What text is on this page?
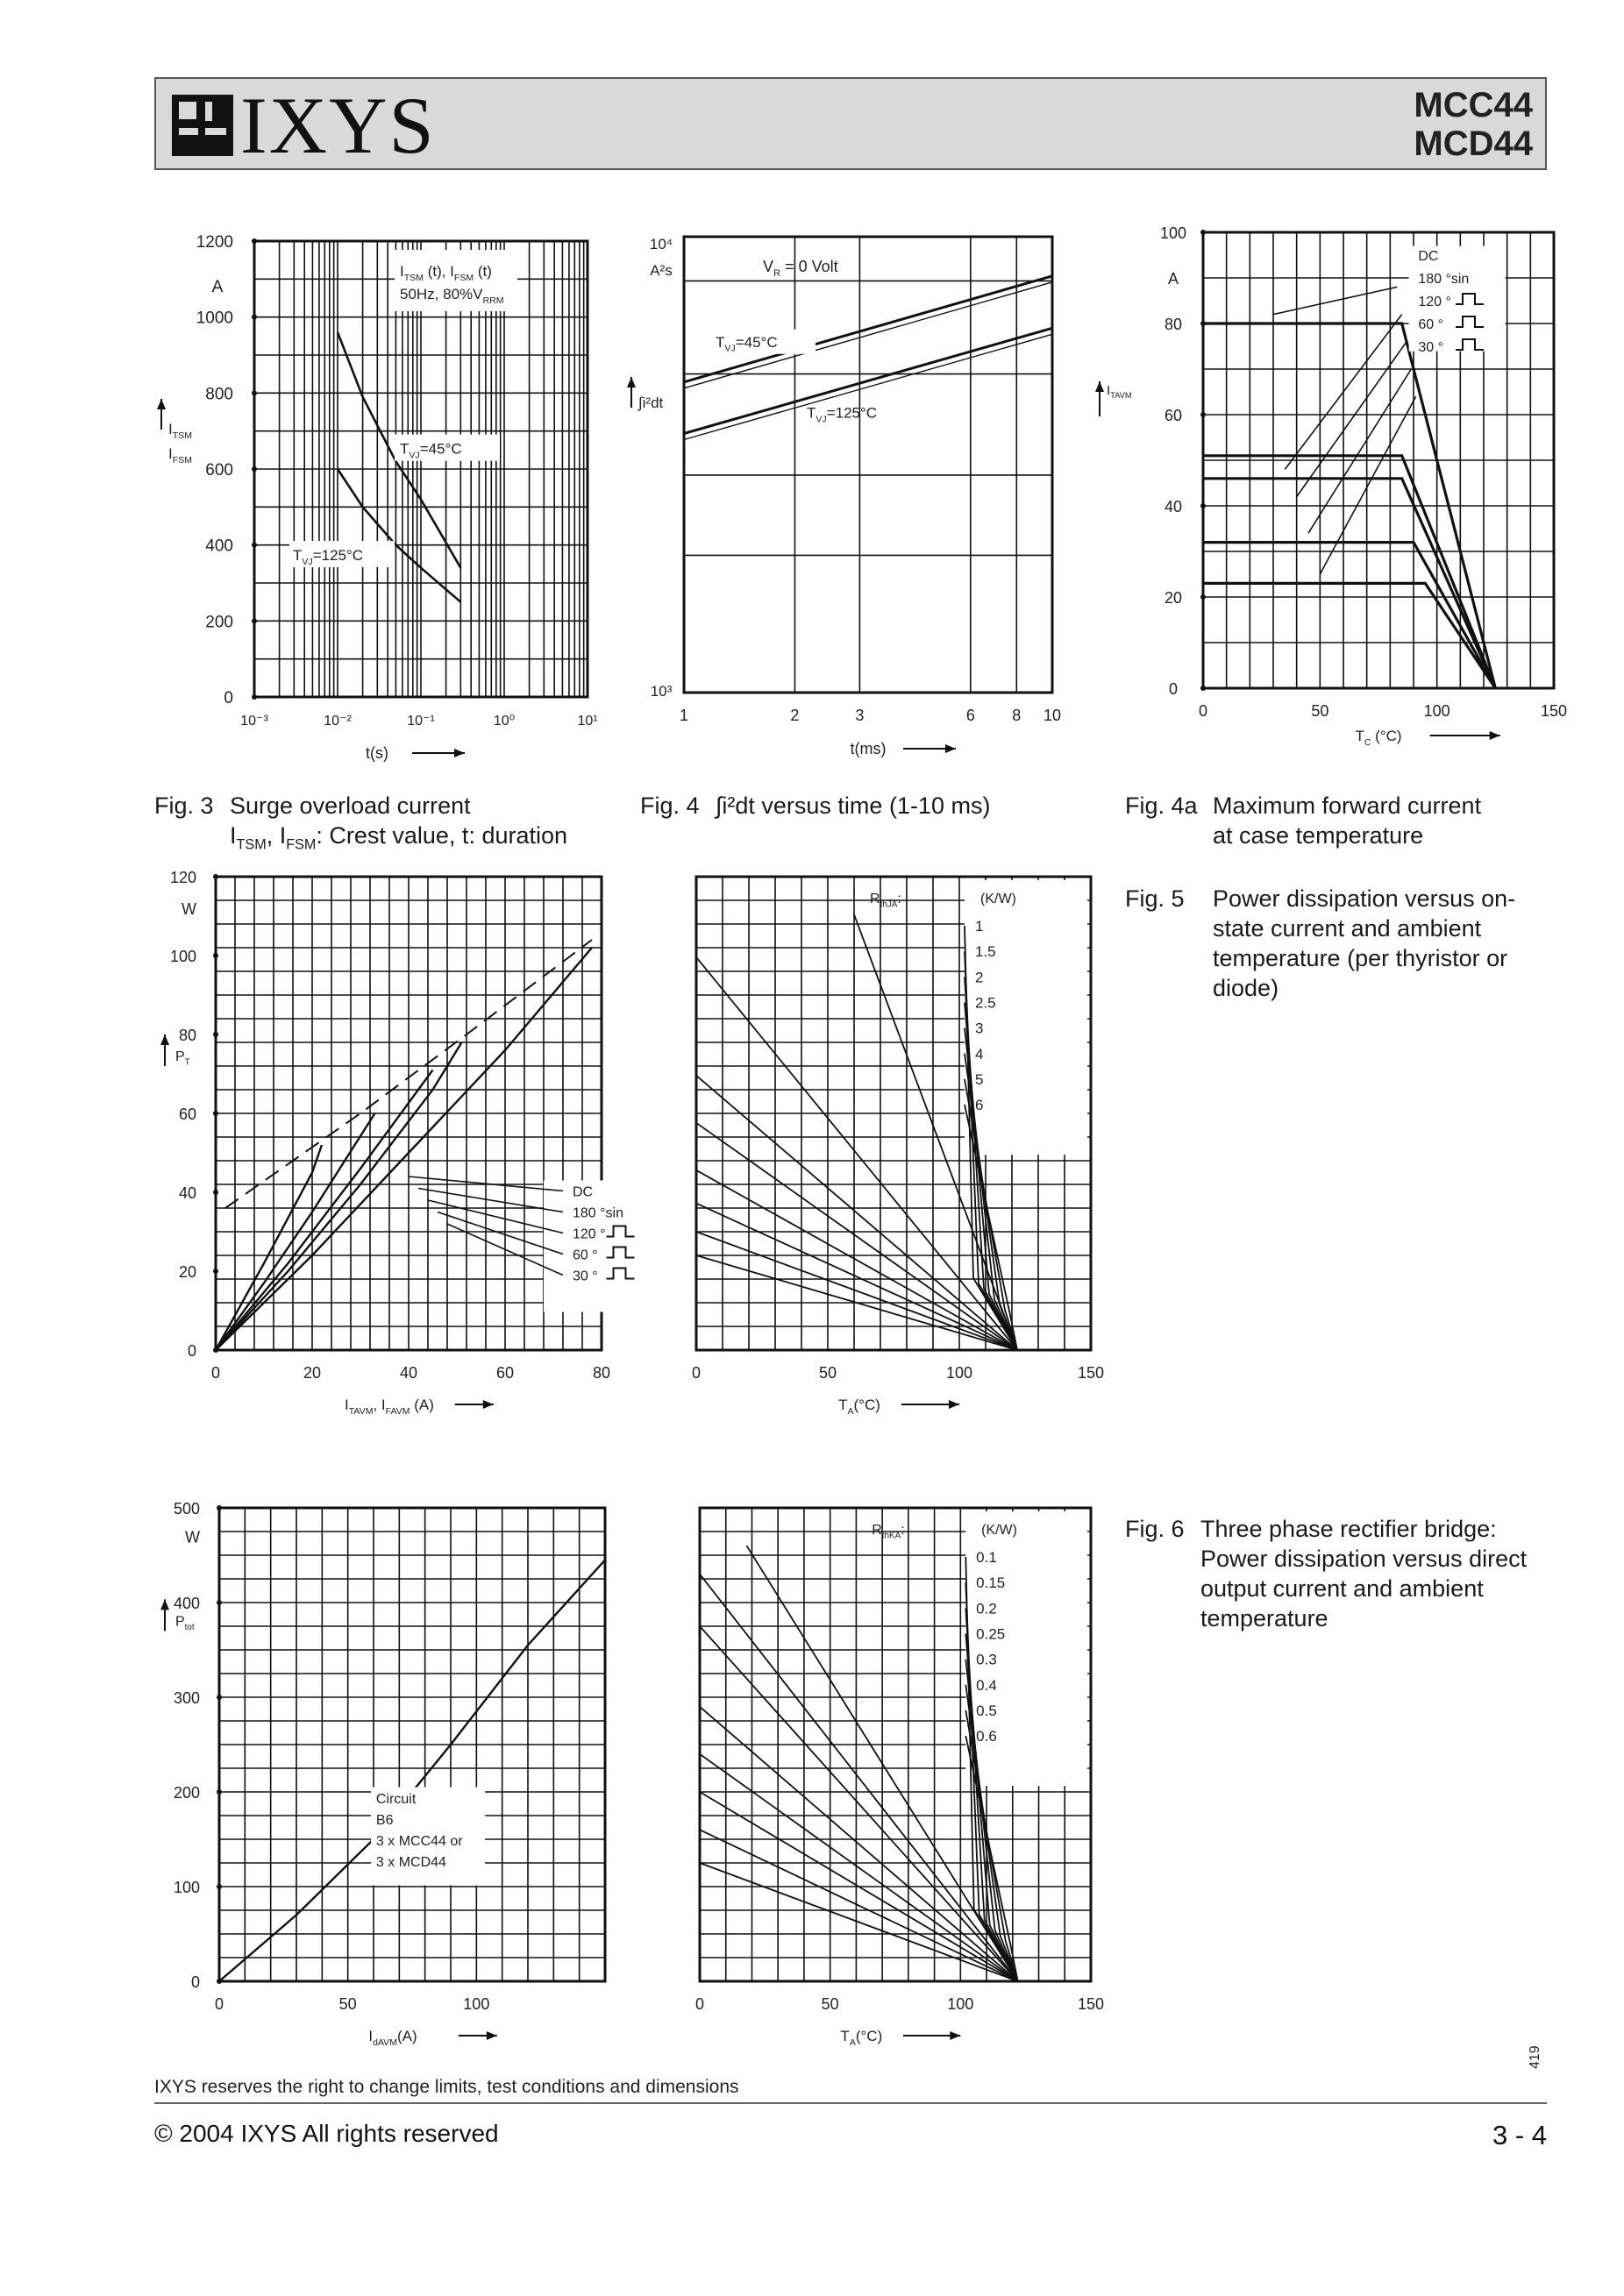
IXYS	MCC44
MCD44
0
200
400
600
800
1000
1200
A
10⁻³	10⁻²	10⁻¹	10⁰	10¹
t(s)
$I_{TSM}$
$I_{FSM}$
$I_{TSM}$ (t), $I_{FSM}$ (t)
50Hz, $80\%V_{RRM}$
$T_{VJ}=45^\circ C$
$T_{VJ}=125^\circ C$
10⁴
A²s
10³
∫i²dt
1	2	3	6 8 10
t(ms)
$V_R = 0$ Volt
$T_{VJ}=45^\circ C$
$T_{VJ}=125^\circ C$
0
20
40
60
80
100
A
0	50	100	150
$T_C$ (°C)
$I_{TAVM}$
DC
180 °sin
120 °
60 °
30 °
0
20
40
60
80
100
120
W
$P_T$
0	20	40	60	80
$I_{TAVM}$, $I_{FAVM}$ (A)
0	50	100	150
$T_A(^\circ C)$
$R_{thJA}$:	(K/W)
1
1.5
2
2.5
3
4
5
6
DC
180 °sin
120 °
60 °
30 °
0
100
200
300
400
500
W
$P_{tot}$
0	50	100
$I_{dAVM}(A)$
0	50	100	150
$T_A(^\circ C)$
$R_{thKA}$:	(K/W)
0.1
0.15
0.2
0.25
0.3
0.4
0.5
0.6
Circuit
B6
3 x MCC44 or
3 x MCD44
Fig. 3 Surge overload current
$I_{TSM}$, $I_{FSM}$: Crest value, t: duration
Fig. 4 ∫i²dt versus time (1-10 ms)	Fig. 4a Maximum forward current
at case temperature
Fig. 5 Power dissipation versus on-
state current and ambient
temperature (per thyristor or
diode)
Fig. 6 Three phase rectifier bridge:
Power dissipation versus direct
output current and ambient
temperature
IXYS reserves the right to change limits, test conditions and dimensions
419
© 2004 IXYS All rights reserved	3 - 4
